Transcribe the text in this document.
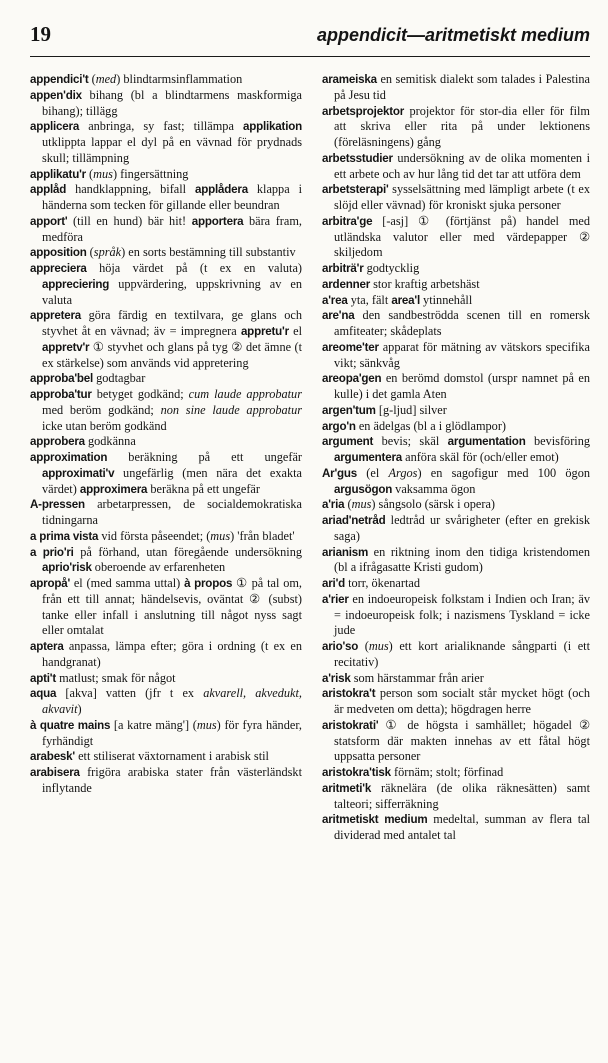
19	appendicit—aritmetiskt medium

appendici't (med) blindtarmsinflammation

appen'dix bihang (bl a blindtarmens maskformiga bihang); tillägg

applicera anbringa, sy fast; tillämpa applikation utklippta lappar el dyl på en vävnad för prydnads skull; tillämpning

applikatu'r (mus) fingersättning

applåd handklappning, bifall applådera klappa i händerna som tecken för gillande eller beundran

apport' (till en hund) bär hit! apportera bära fram, medföra

apposition (språk) en sorts bestämning till substantiv

appreciera höja värdet på (t ex en valuta) appreciering uppvärdering, uppskrivning av en valuta

appretera göra färdig en textilvara, ge glans och styvhet åt en vävnad; äv = impregnera appretu'r el appretv'r ① styvhet och glans på tyg ② det ämne (t ex stärkelse) som används vid appretering

approba'bel godtagbar

approba'tur betyget godkänd; cum laude approbatur med beröm godkänd; non sine laude approbatur icke utan beröm godkänd

approbera godkänna

approximation beräkning på ett ungefär approximati'v ungefärlig (men nära det exakta värdet) approximera beräkna på ett ungefär

A-pressen arbetarpressen, de socialdemokratiska tidningarna

a prima vista vid första påseendet; (mus) 'från bladet'

a prio'ri på förhand, utan föregående undersökning aprio'risk oberoende av erfarenheten

apropå' el (med samma uttal) à propos ① på tal om, från ett till annat; händelsevis, oväntat ② (subst) tanke eller infall i anslutning till något nyss sagt eller omtalat

aptera anpassa, lämpa efter; göra i ordning (t ex en handgranat)

apti't matlust; smak för något

aqua [akva] vatten (jfr t ex akvarell, akvedukt, akvavit)

à quatre mains [a katre mäng'] (mus) för fyra händer, fyrhändigt

arabesk' ett stiliserat växtornament i arabisk stil

arabisera frigöra arabiska stater från västerländskt inflytande

arameiska en semitisk dialekt som talades i Palestina på Jesu tid

arbetsprojektor projektor för stor-dia eller för film att skriva eller rita på under lektionens (föreläsningens) gång

arbetsstudier undersökning av de olika momenten i ett arbete och av hur lång tid det tar att utföra dem

arbetsterapi' sysselsättning med lämpligt arbete (t ex slöjd eller vävnad) för kroniskt sjuka personer

arbitra'ge [-asj] ① (förtjänst på) handel med utländska valutor eller med värdepapper ② skiljedom

arbiträ'r godtycklig

ardenner stor kraftig arbetshäst

a'rea yta, fält area'l ytinnehåll

are'na den sandbeströdda scenen till en romersk amfiteater; skådeplats

areome'ter apparat för mätning av vätskors specifika vikt; sänkvåg

areopa'gen en berömd domstol (urspr namnet på en kulle) i det gamla Aten

argen'tum [g-ljud] silver

argo'n en ädelgas (bl a i glödlampor)

argument bevis; skäl argumentation bevisföring argumentera anföra skäl för (och/eller emot)

Ar'gus (el Argos) en sagofigur med 100 ögon argusögon vaksamma ögon

a'ria (mus) sångsolo (särsk i opera)

ariad'netråd ledtråd ur svårigheter (efter en grekisk saga)

arianism en riktning inom den tidiga kristendomen (bl a ifrågasatte Kristi gudom)

ari'd torr, ökenartad

a'rier en indoeuropeisk folkstam i Indien och Iran; äv = indoeuropeisk folk; i nazismens Tyskland = icke jude

ario'so (mus) ett kort arialiknande sångparti (i ett recitativ)

a'risk som härstammar från arier

aristokra't person som socialt står mycket högt (och är medveten om detta); högdragen herre

aristokrati' ① de högsta i samhället; högadel ② statsform där makten innehas av ett fåtal högt uppsatta personer

aristokra'tisk förnäm; stolt; förfinad

aritmeti'k räknelära (de olika räknesätten) samt talteori; sifferräkning

aritmetiskt medium medeltal, summan av flera tal dividerad med antalet tal
